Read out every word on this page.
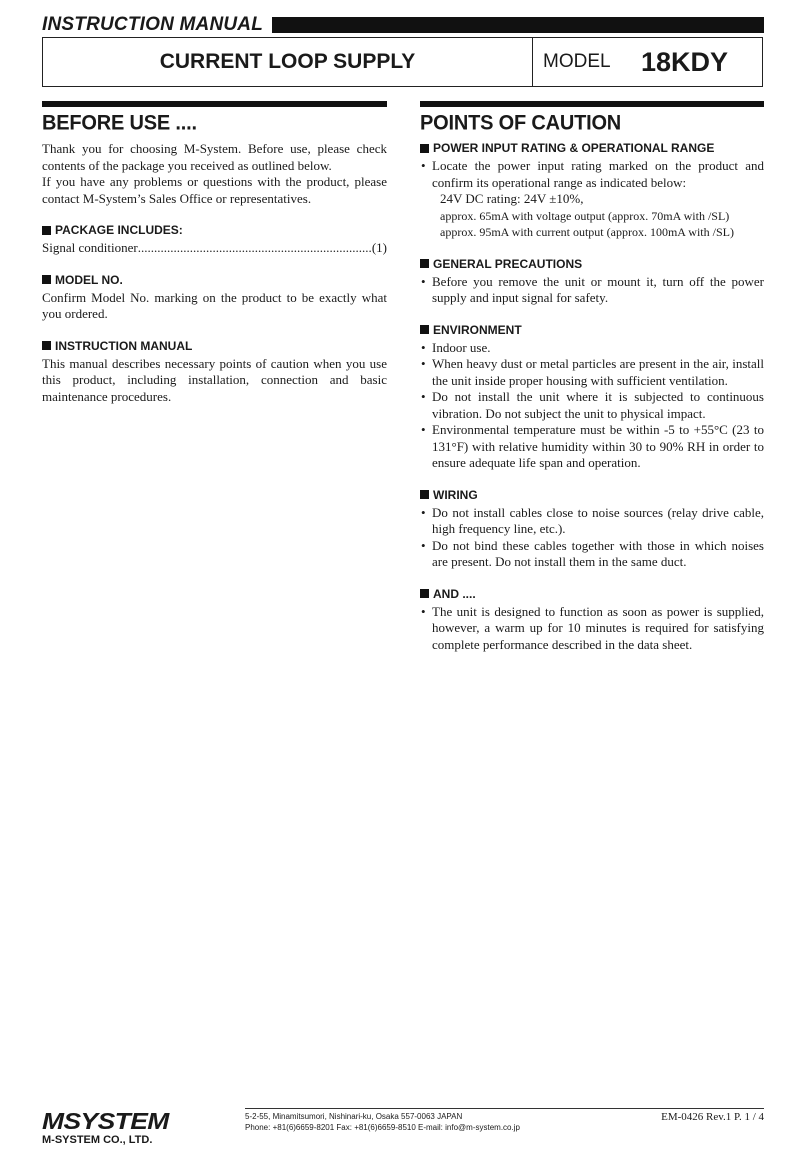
INSTRUCTION MANUAL
CURRENT LOOP SUPPLY	MODEL 18KDY
BEFORE USE ....

Thank you for choosing M-System. Before use, please check contents of the package you received as outlined below.

If you have any problems or questions with the product, please contact M-System’s Sales Office or representatives.

PACKAGE INCLUDES:
Signal conditioner
.....	(1)
MODEL NO.

Confirm Model No. marking on the product to be exactly what you ordered.

INSTRUCTION MANUAL

This manual describes necessary points of caution when you use this product, including installation, connection and basic maintenance procedures.

POINTS OF CAUTION
POWER INPUT RATING & OPERATIONAL RANGE
• Locate the power input rating marked on the product and confirm its operational range as indicated below:
24V DC rating: 24V ±10%,
approx. 65mA with voltage output (approx. 70mA with /SL)
approx. 95mA with current output (approx. 100mA with /SL)
GENERAL PRECAUTIONS
• Before you remove the unit or mount it, turn off the power supply and input signal for safety.
ENVIRONMENT
• Indoor use.
• When heavy dust or metal particles are present in the air, install the unit inside proper housing with sufficient ventilation.
• Do not install the unit where it is subjected to continuous vibration. Do not subject the unit to physical impact.
• Environmental temperature must be within -5 to +55°C (23 to 131°F) with relative humidity within 30 to 90% RH in order to ensure adequate life span and operation.
WIRING
• Do not install cables close to noise sources (relay drive cable, high frequency line, etc.).
• Do not bind these cables together with those in which noises are present. Do not install them in the same duct.
AND ....
• The unit is designed to function as soon as power is supplied, however, a warm up for 10 minutes is required for satisfying complete performance described in the data sheet.
MSYSTEM
M-SYSTEM CO., LTD.
5-2-55, Minamitsumori, Nishinari-ku, Osaka 557-0063 JAPAN
Phone: +81(6)6659-8201 Fax: +81(6)6659-8510 E-mail: info@m-system.co.jp
EM-0426 Rev.1 P. 1 / 4
